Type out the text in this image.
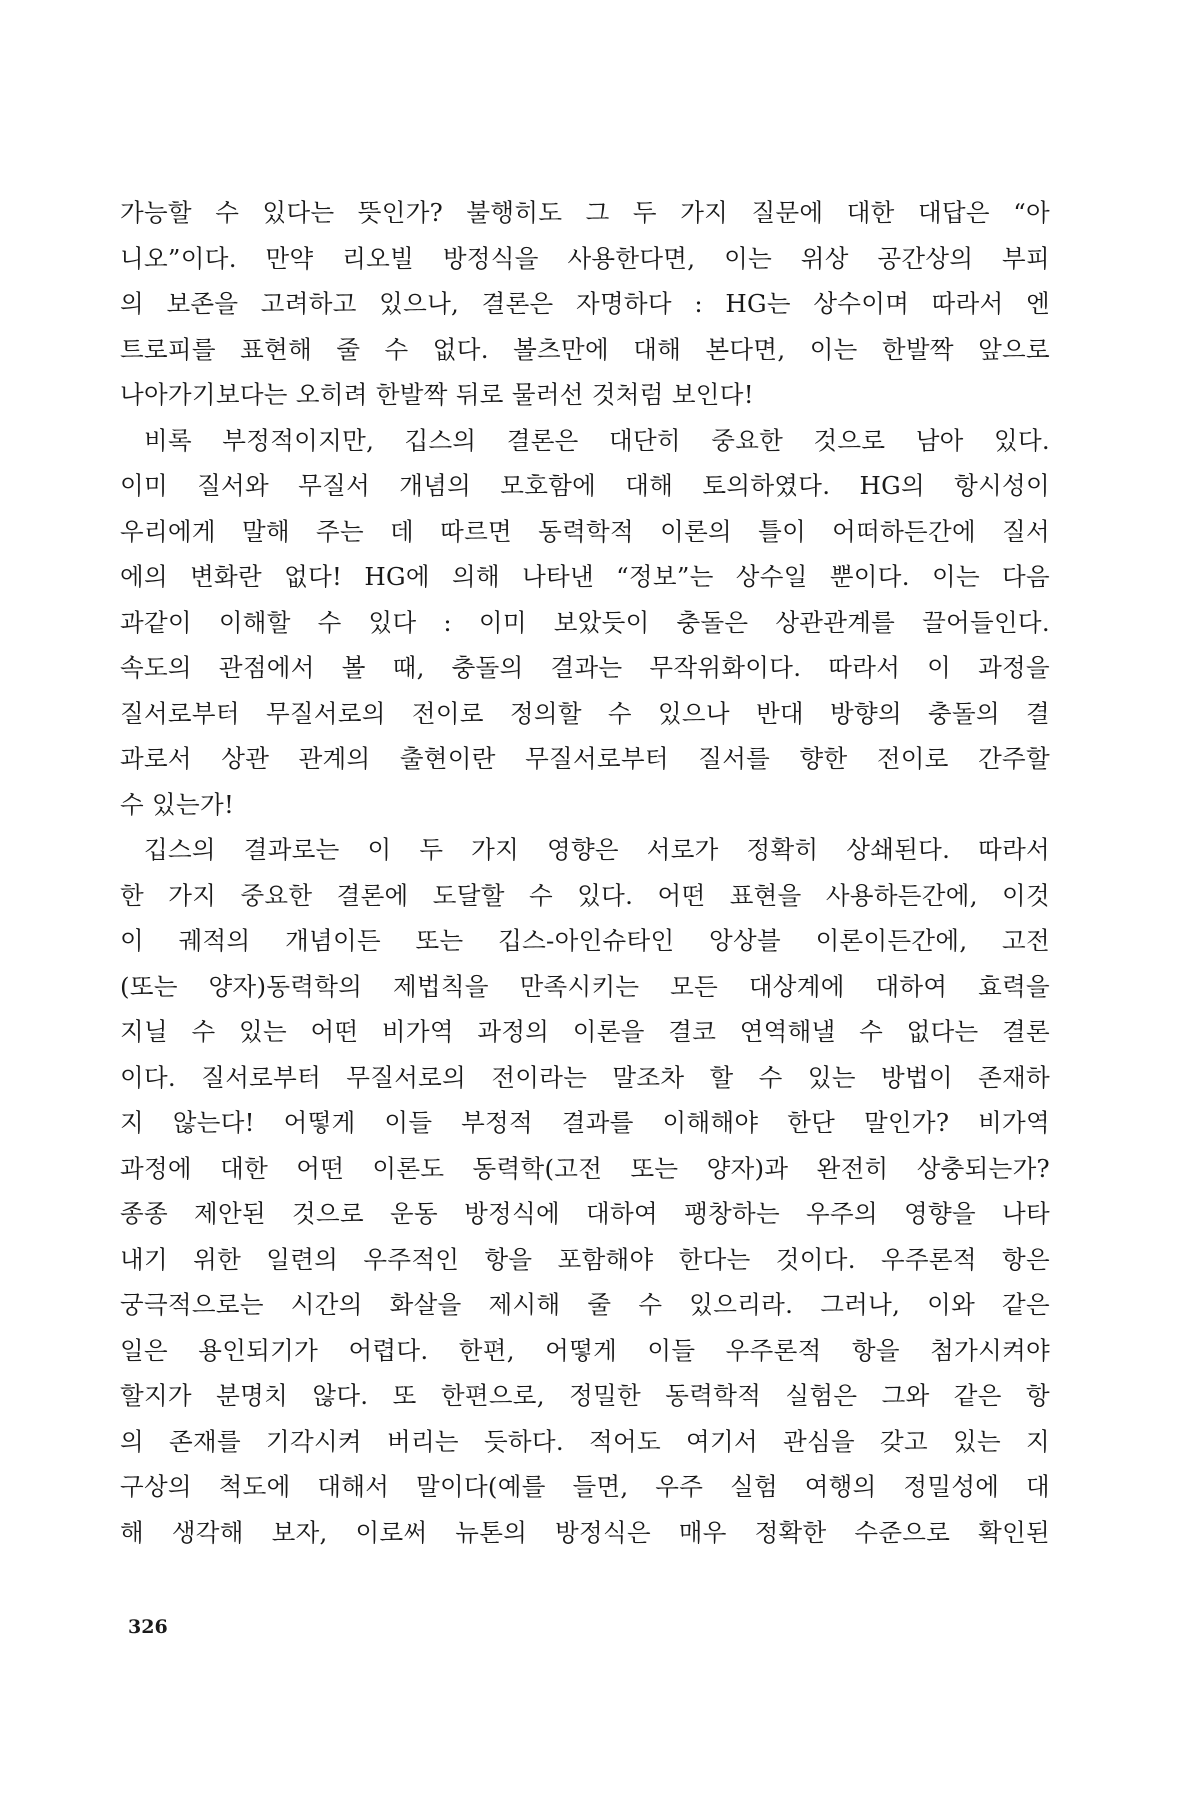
가능할 수 있다는 뜻인가? 불행히도 그 두 가지 질문에 대한 대답은 “아
니오”이다. 만약 리오빌 방정식을 사용한다면, 이는 위상 공간상의 부피
의 보존을 고려하고 있으나, 결론은 자명하다 : HG는 상수이며 따라서 엔
트로피를 표현해 줄 수 없다. 볼츠만에 대해 본다면, 이는 한발짝 앞으로
나아가기보다는 오히려 한발짝 뒤로 물러선 것처럼 보인다!
비록 부정적이지만, 깁스의 결론은 대단히 중요한 것으로 남아 있다.
이미 질서와 무질서 개념의 모호함에 대해 토의하였다. HG의 항시성이
우리에게 말해 주는 데 따르면 동력학적 이론의 틀이 어떠하든간에 질서
에의 변화란 없다! HG에 의해 나타낸 “정보”는 상수일 뿐이다. 이는 다음
과같이 이해할 수 있다 : 이미 보았듯이 충돌은 상관관계를 끌어들인다.
속도의 관점에서 볼 때, 충돌의 결과는 무작위화이다. 따라서 이 과정을
질서로부터 무질서로의 전이로 정의할 수 있으나 반대 방향의 충돌의 결
과로서 상관 관계의 출현이란 무질서로부터 질서를 향한 전이로 간주할
수 있는가!
깁스의 결과로는 이 두 가지 영향은 서로가 정확히 상쇄된다. 따라서
한 가지 중요한 결론에 도달할 수 있다. 어떤 표현을 사용하든간에, 이것
이 궤적의 개념이든 또는 깁스-아인슈타인 앙상블 이론이든간에, 고전
(또는 양자)동력학의 제법칙을 만족시키는 모든 대상계에 대하여 효력을
지닐 수 있는 어떤 비가역 과정의 이론을 결코 연역해낼 수 없다는 결론
이다. 질서로부터 무질서로의 전이라는 말조차 할 수 있는 방법이 존재하
지 않는다! 어떻게 이들 부정적 결과를 이해해야 한단 말인가? 비가역
과정에 대한 어떤 이론도 동력학(고전 또는 양자)과 완전히 상충되는가?
종종 제안된 것으로 운동 방정식에 대하여 팽창하는 우주의 영향을 나타
내기 위한 일련의 우주적인 항을 포함해야 한다는 것이다. 우주론적 항은
궁극적으로는 시간의 화살을 제시해 줄 수 있으리라. 그러나, 이와 같은
일은 용인되기가 어렵다. 한편, 어떻게 이들 우주론적 항을 첨가시켜야
할지가 분명치 않다. 또 한편으로, 정밀한 동력학적 실험은 그와 같은 항
의 존재를 기각시켜 버리는 듯하다. 적어도 여기서 관심을 갖고 있는 지
구상의 척도에 대해서 말이다(예를 들면, 우주 실험 여행의 정밀성에 대
해 생각해 보자, 이로써 뉴톤의 방정식은 매우 정확한 수준으로 확인된
326
